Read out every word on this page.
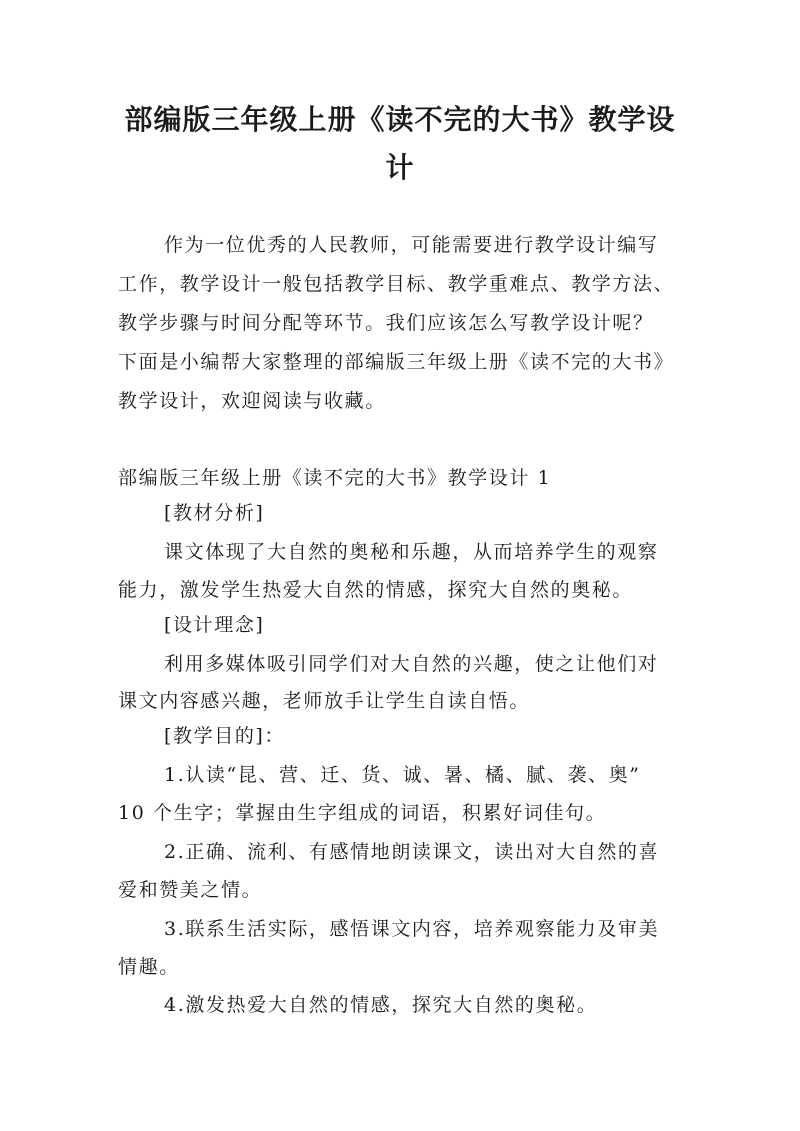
部编版三年级上册《读不完的大书》教学设
计
作为一位优秀的人民教师，可能需要进行教学设计编写
工作，教学设计一般包括教学目标、教学重难点、教学方法、
教学步骤与时间分配等环节。我们应该怎么写教学设计呢？
下面是小编帮大家整理的部编版三年级上册《读不完的大书》
教学设计，欢迎阅读与收藏。
部编版三年级上册《读不完的大书》教学设计 1
[教材分析]
课文体现了大自然的奥秘和乐趣，从而培养学生的观察
能力，激发学生热爱大自然的情感，探究大自然的奥秘。
[设计理念]
利用多媒体吸引同学们对大自然的兴趣，使之让他们对
课文内容感兴趣，老师放手让学生自读自悟。
[教学目的]：
1.认读“昆、营、迁、货、诚、暑、橘、腻、袭、奥”
10 个生字；掌握由生字组成的词语，积累好词佳句。
2.正确、流利、有感情地朗读课文，读出对大自然的喜
爱和赞美之情。
3.联系生活实际，感悟课文内容，培养观察能力及审美
情趣。
4.激发热爱大自然的情感，探究大自然的奥秘。
